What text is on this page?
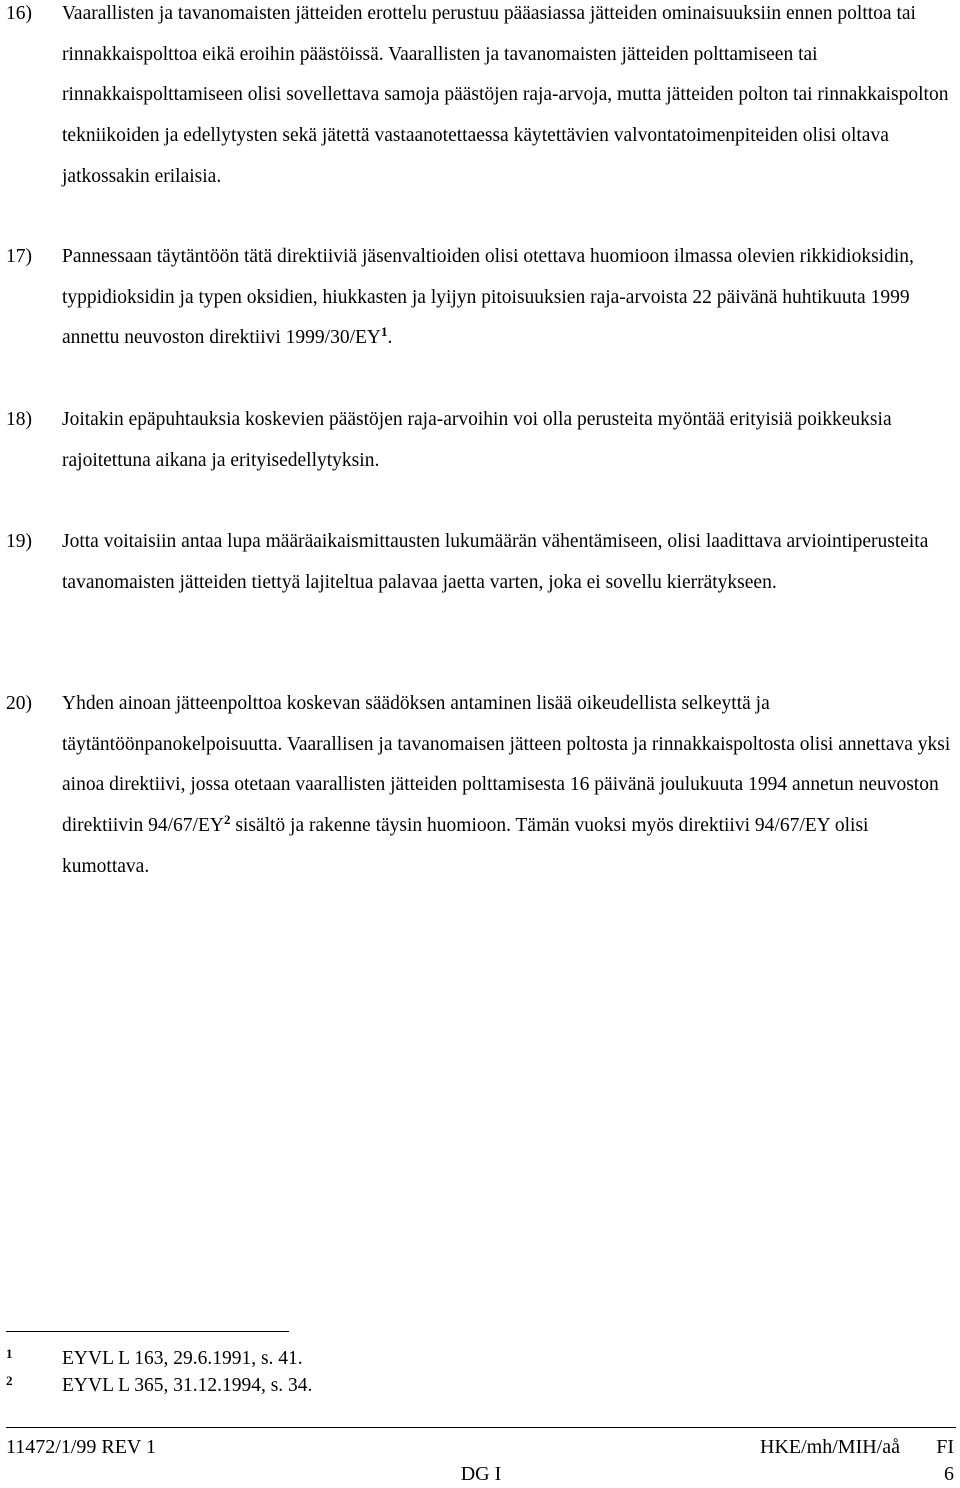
16)	Vaarallisten ja tavanomaisten jätteiden erottelu perustuu pääasiassa jätteiden ominaisuuksiin ennen polttoa tai rinnakkaispolttoa eikä eroihin päästöissä. Vaarallisten ja tavanomaisten jätteiden polttamiseen tai rinnakkaispolttamiseen olisi sovellettava samoja päästöjen raja-arvoja, mutta jätteiden polton tai rinnakkaispolton tekniikoiden ja edellytysten sekä jätettä vastaanotettaessa käytettävien valvontatoimenpiteiden olisi oltava jatkossakin erilaisia.
17)	Pannessaan täytäntöön tätä direktiiviä jäsenvaltioiden olisi otettava huomioon ilmassa olevien rikkidioksidin, typpidioksidin ja typen oksidien, hiukkasten ja lyijyn pitoisuuksien raja-arvoista 22 päivänä huhtikuuta 1999 annettu neuvoston direktiivi $1999/30/EY^1$.
18)	Joitakin epäpuhtauksia koskevien päästöjen raja-arvoihin voi olla perusteita myöntää erityisiä poikkeuksia rajoitettuna aikana ja erityisedellytyksin.
19)	Jotta voitaisiin antaa lupa määräaikaismittausten lukumäärän vähentämiseen, olisi laadittava arviointiperusteita tavanomaisten jätteiden tiettyä lajiteltua palavaa jaetta varten, joka ei sovellu kierrätykseen.
20)	Yhden ainoan jätteenpolttoa koskevan säädöksen antaminen lisää oikeudellista selkeyttä ja täytäntöönpanokelpoisuutta. Vaarallisen ja tavanomaisen jätteen poltosta ja rinnakkaispoltosta olisi annettava yksi ainoa direktiivi, jossa otetaan vaarallisten jätteiden polttamisesta 16 päivänä joulukuuta 1994 annetun neuvoston direktiivin $94/67/EY^2$ sisältö ja rakenne täysin huomioon. Tämän vuoksi myös direktiivi 94/67/EY olisi kumottava.
1	EYVL L 163, 29.6.1991, s. 41.
2	EYVL L 365, 31.12.1994, s. 34.
11472/1/99 REV 1	HKE/mh/MIH/aå FI
DG I	6
